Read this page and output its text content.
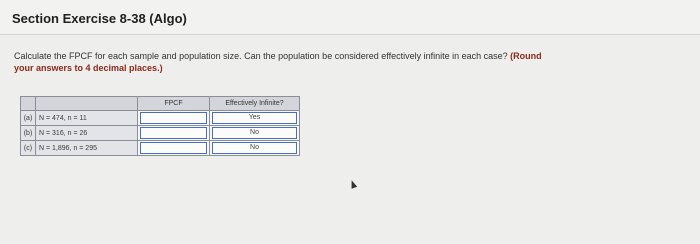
Section Exercise 8-38 (Algo)
Calculate the FPCF for each sample and population size. Can the population be considered effectively infinite in each case? (Round
your answers to 4 decimal places.)
		FPCF	Effectively Infinite?
(a)	N = 474, n = 11		Yes

(b)	N = 316, n = 26		No

(c)	N = 1,896, n = 295		No
